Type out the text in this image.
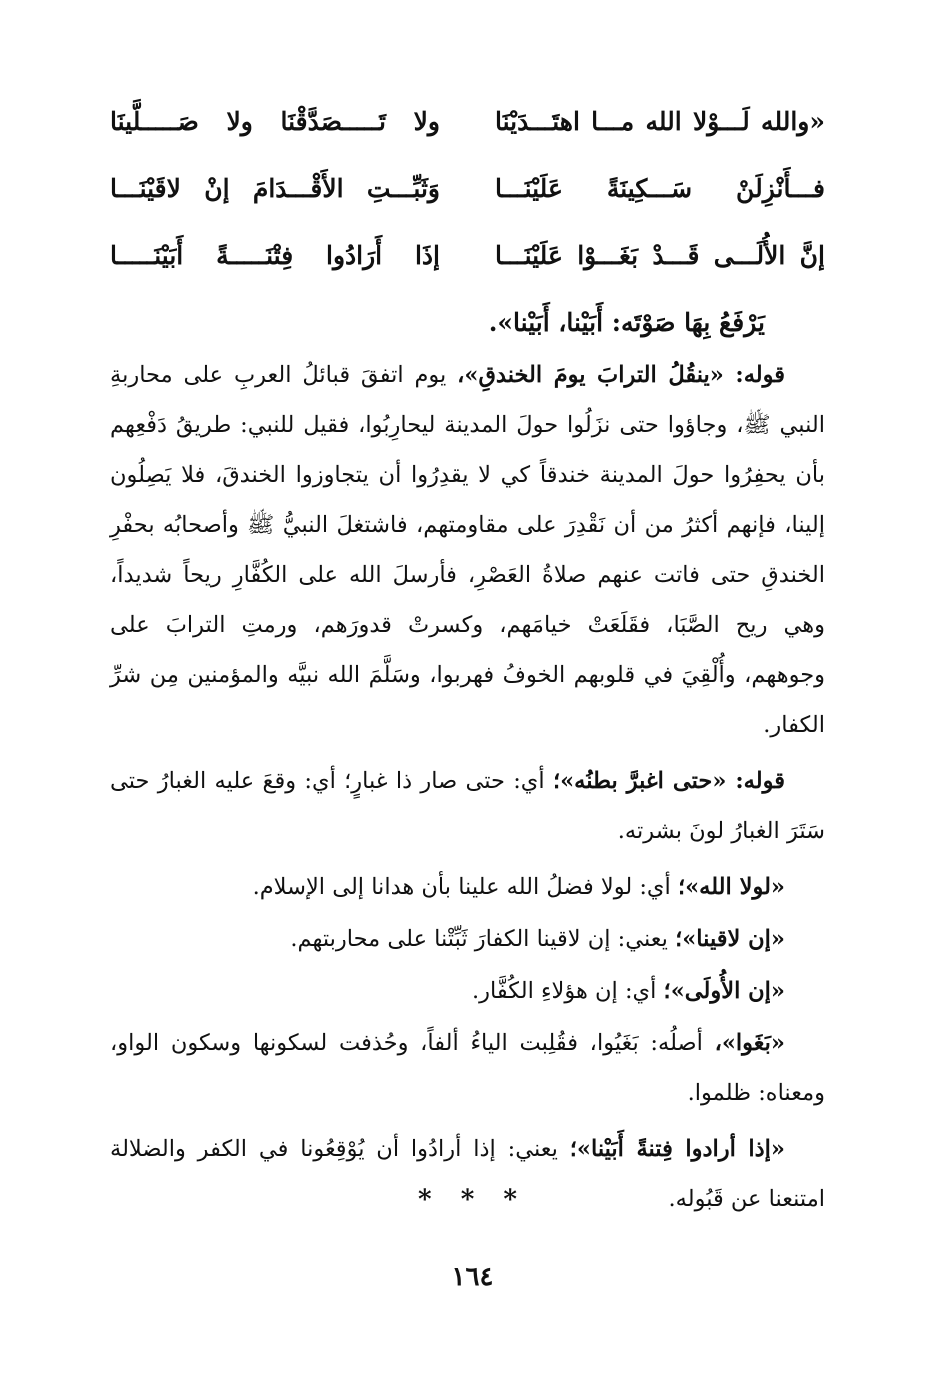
«والله لَـــوْلا الله مـــا اهتَـــدَيْنَا
ولا تَـــــصَدَّقْنَا ولا صَـــــلَّينَا
فـــأَنْزِلَنْ سَـــكِينَةً عَلَيْنَـــا
وَثَبِّـــتِ الأَقْـــدَامَ إنْ لاقَيْنَـــا
إنَّ الأُلَـــى قَـــدْ بَغَـــوْا عَلَيْنَـــا
إذَا أَرَادُوا فِتْنَـــــةً أَبَيْنَـــــا
يَرْفَعُ بِهَا صَوْتَه: أَبَيْنا، أَبَيْنا».

قوله: «ينقُلُ الترابَ يومَ الخندقِ»، يوم اتفقَ قبائلُ العربِ على محاربةِ النبي ﷺ، وجاؤوا حتى نزَلُوا حولَ المدينة ليحارِبُوا، فقيل للنبي: طريقُ دَفْعِهم بأن يحفِرُوا حولَ المدينة خندقاً كي لا يقدِرُوا أن يتجاوزوا الخندقَ، فلا يَصِلُون إلينا، فإنهم أكثرُ من أن نَقْدِرَ على مقاومتهم، فاشتغلَ النبيُّ ﷺ وأصحابُه بحفْرِ الخندقِ حتى فاتت عنهم صلاةُ العَصْرِ، فأرسلَ الله على الكُفَّارِ ريحاً شديداً، وهي ريح الصَّبَا، فقَلَعَتْ خيامَهم، وكسرتْ قدورَهم، ورمتِ الترابَ على وجوههم، وأُلْقِيَ في قلوبهم الخوفُ فهربوا، وسَلَّمَ الله نبيَّه والمؤمنين مِن شرِّ الكفار.

قوله: «حتى اغبرَّ بطنُه»؛ أي: حتى صار ذا غبارٍ؛ أي: وقعَ عليه الغبارُ حتى سَتَرَ الغبارُ لونَ بشرته.

«لولا الله»؛ أي: لولا فضلُ الله علينا بأن هدانا إلى الإسلام.

«إن لاقينا»؛ يعني: إن لاقينا الكفارَ ثَبِّتْنا على محاربتهم.

«إن الأُولَى»؛ أي: إن هؤلاءِ الكُفَّار.

«بَغَوا»، أصلُه: بَغَيُوا، فقُلِبت الياءُ ألفاً، وحُذفت لسكونها وسكون الواو، ومعناه: ظلموا.

«إذا أرادوا فِتنةً أَبَيْنا»؛ يعني: إذا أرادُوا أن يُوْقِعُونا في الكفر والضلالة امتنعنا عن قَبُوله.

* * *
١٦٤
